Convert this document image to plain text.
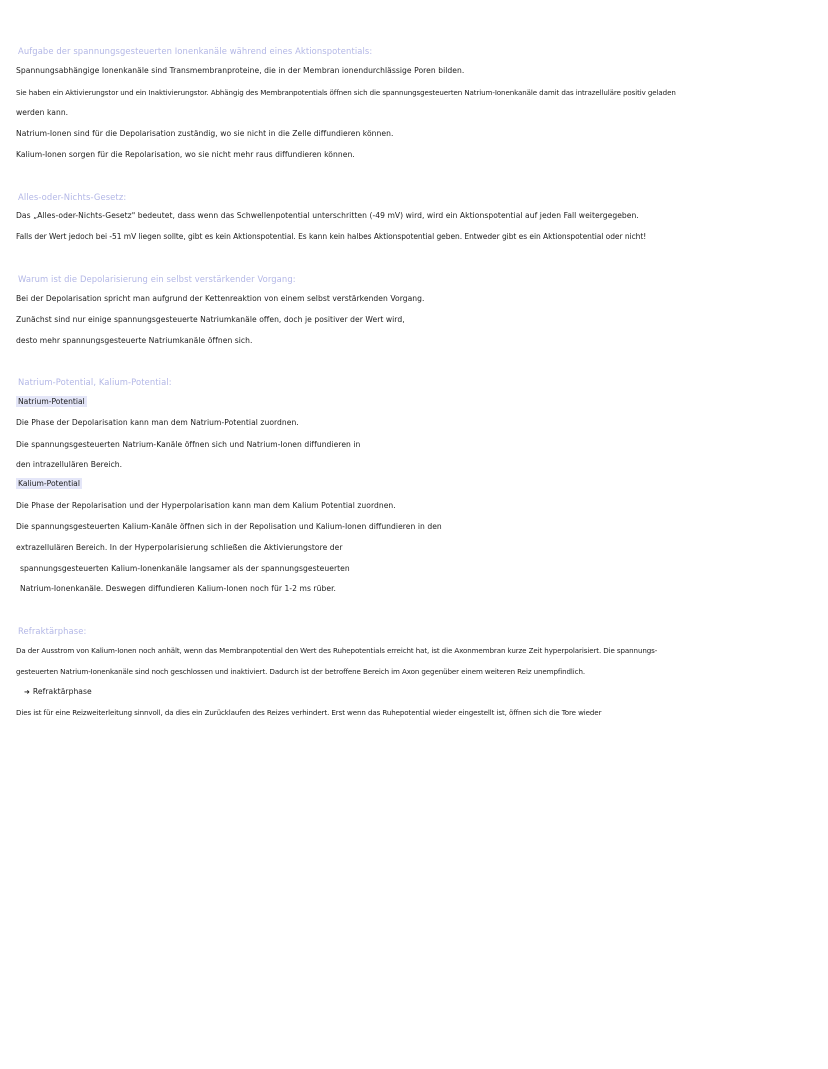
Aufgabe der spannungsgesteuerten Ionenkanäle während eines Aktionspotentials:
Spannungsabhängige Ionenkanäle sind Transmembranproteine, die in der Membran ionendurchlässige Poren bilden.
Sie haben ein Aktivierungstor und ein Inaktivierungstor. Abhängig des Membranpotentials öffnen sich die spannungsgesteuerten Natrium-Ionenkanäle damit das intrazelluläre positiv geladen
werden kann.
Natrium-Ionen sind für die Depolarisation zuständig, wo sie nicht in die Zelle diffundieren können.
Kalium-Ionen sorgen für die Repolarisation, wo sie nicht mehr raus diffundieren können.
Alles-oder-Nichts-Gesetz:
Das „Alles-oder-Nichts-Gesetz" bedeutet, dass wenn das Schwellenpotential unterschritten (-49 mV) wird, wird ein Aktionspotential auf jeden Fall weitergegeben.
Falls der Wert jedoch bei -51 mV liegen sollte, gibt es kein Aktionspotential. Es kann kein halbes Aktionspotential geben. Entweder gibt es ein Aktionspotential oder nicht!
Warum ist die Depolarisierung ein selbst verstärkender Vorgang:
Bei der Depolarisation spricht man aufgrund der Kettenreaktion von einem selbst verstärkenden Vorgang.
Zunächst sind nur einige spannungsgesteuerte Natriumkanäle offen, doch je positiver der Wert wird,
desto mehr spannungsgesteuerte Natriumkanäle öffnen sich.
Natrium-Potential, Kalium-Potential:
Natrium-Potential
Die Phase der Depolarisation kann man dem Natrium-Potential zuordnen.
Die spannungsgesteuerten Natrium-Kanäle öffnen sich und Natrium-Ionen diffundieren in
den intrazellulären Bereich.
Kalium-Potential
Die Phase der Repolarisation und der Hyperpolarisation kann man dem Kalium Potential zuordnen.
Die spannungsgesteuerten Kalium-Kanäle öffnen sich in der Repolisation und Kalium-Ionen diffundieren in den
extrazellulären Bereich. In der Hyperpolarisierung schließen die Aktivierungstore der
spannungsgesteuerten Kalium-Ionenkanäle langsamer als der spannungsgesteuerten
Natrium-Ionenkanäle. Deswegen diffundieren Kalium-Ionen noch für 1-2 ms rüber.
Refraktärphase:
Da der Ausstrom von Kalium-Ionen noch anhält, wenn das Membranpotential den Wert des Ruhepotentials erreicht hat, ist die Axonmembran kurze Zeit hyperpolarisiert. Die spannungs-
gesteuerten Natrium-Ionenkanäle sind noch geschlossen und inaktiviert. Dadurch ist der betroffene Bereich im Axon gegenüber einem weiteren Reiz unempfindlich.
➜ Refraktärphase
Dies ist für eine Reizweiterleitung sinnvoll, da dies ein Zurücklaufen des Reizes verhindert. Erst wenn das Ruhepotential wieder eingestellt ist, öffnen sich die Tore wieder
